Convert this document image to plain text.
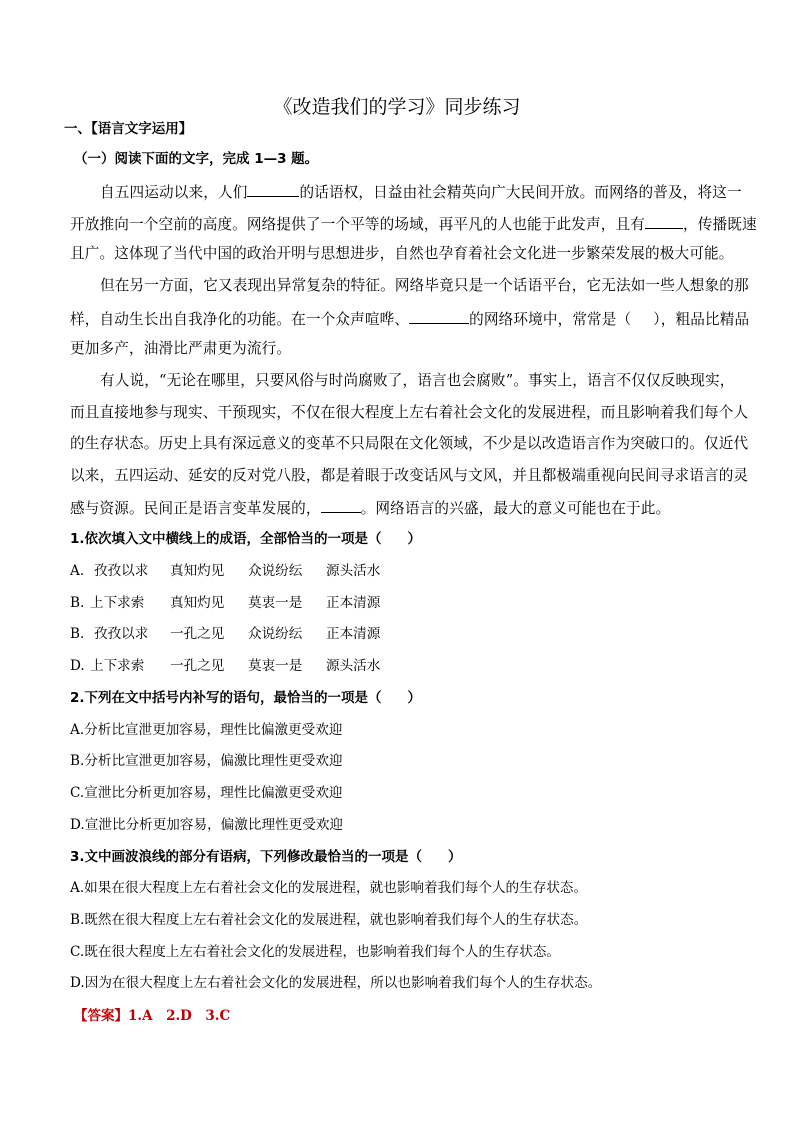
《改造我们的学习》同步练习
一、【语言文字运用】
（一）阅读下面的文字，完成 1—3 题。
自五四运动以来，人们	的话语权，日益由社会精英向广大民间开放。而网络的普及，将这一
开放推向一个空前的高度。网络提供了一个平等的场域，再平凡的人也能于此发声，且有	，传播既速
且广。这体现了当代中国的政治开明与思想进步，自然也孕育着社会文化进一步繁荣发展的极大可能。
但在另一方面，它又表现出异常复杂的特征。网络毕竟只是一个话语平台，它无法如一些人想象的那
样，自动生长出自我净化的功能。在一个众声喧哗、	的网络环境中，常常是（ ），粗品比精品
更加多产，油滑比严肃更为流行。
有人说，“无论在哪里，只要风俗与时尚腐败了，语言也会腐败”。事实上，语言不仅仅反映现实，
而且直接地参与现实、干预现实，不仅在很大程度上左右着社会文化的发展进程，而且影响着我们每个人
的生存状态。历史上具有深远意义的变革不只局限在文化领域，不少是以改造语言作为突破口的。仅近代
以来，五四运动、延安的反对党八股，都是着眼于改变话风与文风，并且都极端重视向民间寻求语言的灵
感与资源。民间正是语言变革发展的，	。网络语言的兴盛，最大的意义可能也在于此。
1.依次填入文中横线上的成语，全部恰当的一项是（ ）
A. 孜孜以求 真知灼见 众说纷纭 源头活水
B. 上下求索 真知灼见 莫衷一是 正本清源
B. 孜孜以求 一孔之见 众说纷纭 正本清源
D. 上下求索 一孔之见 莫衷一是 源头活水
2.下列在文中括号内补写的语句，最恰当的一项是（ ）
A.分析比宣泄更加容易，理性比偏激更受欢迎
B.分析比宣泄更加容易，偏激比理性更受欢迎
C.宣泄比分析更加容易，理性比偏激更受欢迎
D.宣泄比分析更加容易，偏激比理性更受欢迎
3.文中画波浪线的部分有语病，下列修改最恰当的一项是（ ）
A.如果在很大程度上左右着社会文化的发展进程，就也影响着我们每个人的生存状态。
B.既然在很大程度上左右着社会文化的发展进程，就也影响着我们每个人的生存状态。
C.既在很大程度上左右着社会文化的发展进程，也影响着我们每个人的生存状态。
D.因为在很大程度上左右着社会文化的发展进程，所以也影响着我们每个人的生存状态。
【答案】1.A　2.D　3.C
